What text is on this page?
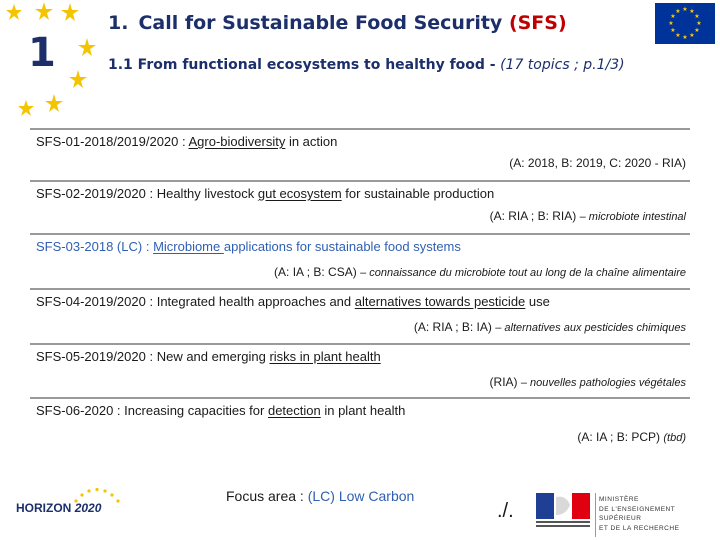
1
1. Call for Sustainable Food Security (SFS)
1.1 From functional ecosystems to healthy food - (17 topics ; p.1/3)
★ ★
★
★
★
★
★
★
★
★
★
★
SFS-01-2018/2019/2020 : Agro-biodiversity in action
(A: 2018, B: 2019, C: 2020 - RIA)
SFS-02-2019/2020 : Healthy livestock gut ecosystem for sustainable production
(A: RIA ; B: RIA) – microbiote intestinal
SFS-03-2018 (LC) : Microbiome applications for sustainable food systems
(A: IA ; B: CSA) – connaissance du microbiote tout au long de la chaîne alimentaire
SFS-04-2019/2020 : Integrated health approaches and alternatives towards pesticide use
(A: RIA ; B: IA) – alternatives aux pesticides chimiques
SFS-05-2019/2020 : New and emerging risks in plant health
(RIA) – nouvelles pathologies végétales
SFS-06-2020 : Increasing capacities for detection in plant health
(A: IA ; B: PCP) (tbd)
HORIZON 2020
Focus area : (LC) Low Carbon
./.
MINISTÈRE
DE L'ENSEIGNEMENT SUPÉRIEUR
ET DE LA RECHERCHE
